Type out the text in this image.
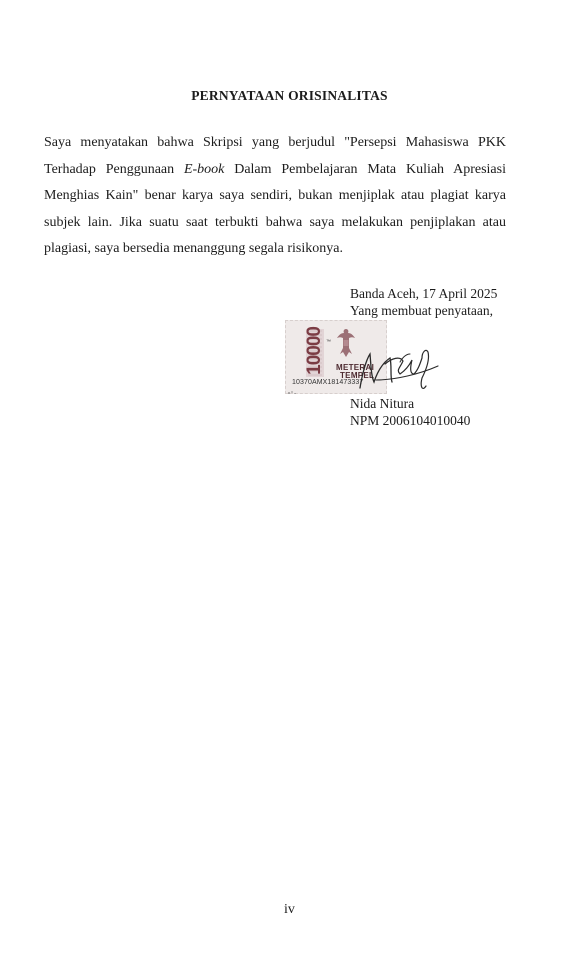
PERNYATAAN ORISINALITAS
Saya menyatakan bahwa Skripsi yang berjudul "Persepsi Mahasiswa PKK
Terhadap Penggunaan E-book Dalam Pembelajaran Mata Kuliah Apresiasi
Menghias Kain" benar karya saya sendiri, bukan menjiplak atau plagiat karya
subjek lain. Jika suatu saat terbukti bahwa saya melakukan penjiplakan atau
plagiasi, saya bersedia menanggung segala risikonya.
10000 ™
METERAI
TEMPEL
10370AMX181473337
Banda Aceh, 17 April 2025
Yang membuat penyataan,
Nida Nitura
NPM 2006104010040
iv
